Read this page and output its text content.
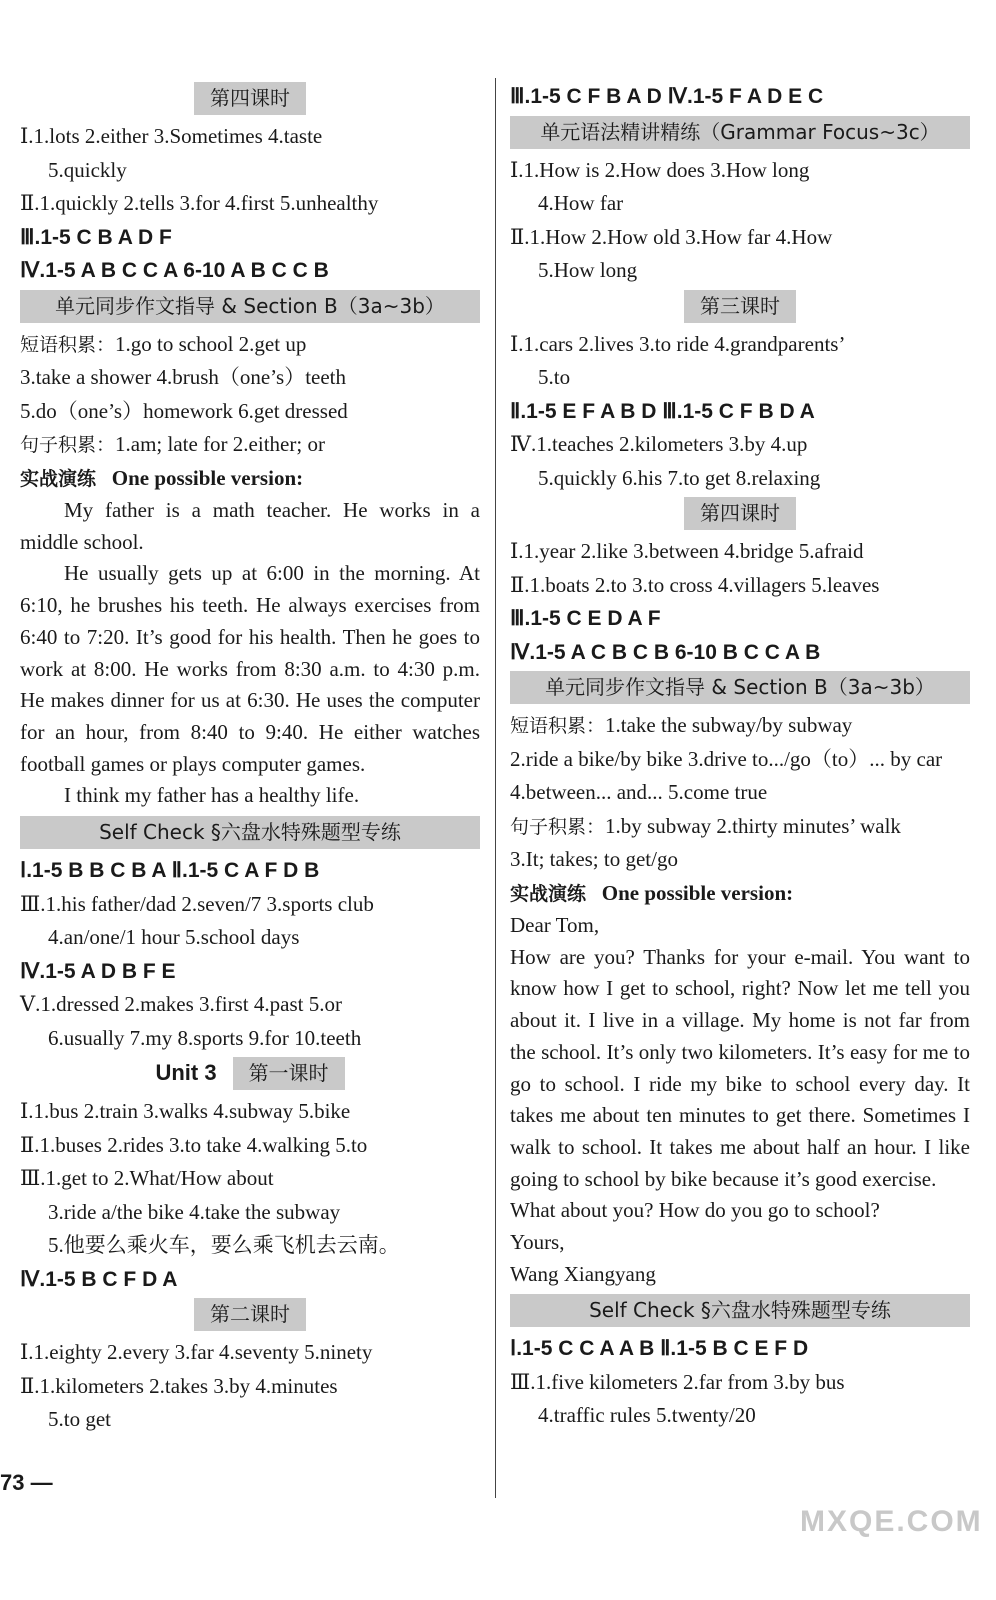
第四课时
Ⅰ.1.lots 2.either 3.Sometimes 4.taste
5.quickly
Ⅱ.1.quickly 2.tells 3.for 4.first 5.unhealthy
Ⅲ.1-5 C B A D F
Ⅳ.1-5 A B C C A 6-10 A B C C B
单元同步作文指导 & Section B（3a~3b）
短语积累：1.go to school 2.get up
3.take a shower 4.brush（one’s）teeth
5.do（one’s）homework 6.get dressed
句子积累：1.am; late for 2.either; or
实战演练 One possible version:
My father is a math teacher. He works in a middle school.
He usually gets up at 6:00 in the morning. At 6:10, he brushes his teeth. He always exercises from 6:40 to 7:20. It’s good for his health. Then he goes to work at 8:00. He works from 8:30 a.m. to 4:30 p.m. He makes dinner for us at 6:30. He uses the computer for an hour, from 8:40 to 9:40. He either watches football games or plays computer games.
I think my father has a healthy life.
Self Check §六盘水特殊题型专练
Ⅰ.1-5 B B C B A Ⅱ.1-5 C A F D B
Ⅲ.1.his father/dad 2.seven/7 3.sports club
4.an/one/1 hour 5.school days
Ⅳ.1-5 A D B F E
Ⅴ.1.dressed 2.makes 3.first 4.past 5.or
6.usually 7.my 8.sports 9.for 10.teeth
Unit 3 第一课时
Ⅰ.1.bus 2.train 3.walks 4.subway 5.bike
Ⅱ.1.buses 2.rides 3.to take 4.walking 5.to
Ⅲ.1.get to 2.What/How about
3.ride a/the bike 4.take the subway
5.他要么乘火车，要么乘飞机去云南。
Ⅳ.1-5 B C F D A
第二课时
Ⅰ.1.eighty 2.every 3.far 4.seventy 5.ninety
Ⅱ.1.kilometers 2.takes 3.by 4.minutes
5.to get
Ⅲ.1-5 C F B A D Ⅳ.1-5 F A D E C
单元语法精讲精练（Grammar Focus~3c）
Ⅰ.1.How is 2.How does 3.How long
4.How far
Ⅱ.1.How 2.How old 3.How far 4.How
5.How long
第三课时
Ⅰ.1.cars 2.lives 3.to ride 4.grandparents’
5.to
Ⅱ.1-5 E F A B D Ⅲ.1-5 C F B D A
Ⅳ.1.teaches 2.kilometers 3.by 4.up
5.quickly 6.his 7.to get 8.relaxing
第四课时
Ⅰ.1.year 2.like 3.between 4.bridge 5.afraid
Ⅱ.1.boats 2.to 3.to cross 4.villagers 5.leaves
Ⅲ.1-5 C E D A F
Ⅳ.1-5 A C B C B 6-10 B C C A B
单元同步作文指导 & Section B（3a~3b）
短语积累：1.take the subway/by subway
2.ride a bike/by bike 3.drive to.../go（to）... by car
4.between... and... 5.come true
句子积累：1.by subway 2.thirty minutes’ walk
3.It; takes; to get/go
实战演练 One possible version:
Dear Tom,
How are you? Thanks for your e-mail. You want to know how I get to school, right? Now let me tell you about it. I live in a village. My home is not far from the school. It’s only two kilometers. It’s easy for me to go to school. I ride my bike to school every day. It takes me about ten minutes to get there. Sometimes I walk to school. It takes me about half an hour. I like going to school by bike because it’s good exercise.
What about you? How do you go to school?
Yours,
Wang Xiangyang
Self Check §六盘水特殊题型专练
Ⅰ.1-5 C C A A B Ⅱ.1-5 B C E F D
Ⅲ.1.five kilometers 2.far from 3.by bus
4.traffic rules 5.twenty/20
73 —
MXQE.COM
